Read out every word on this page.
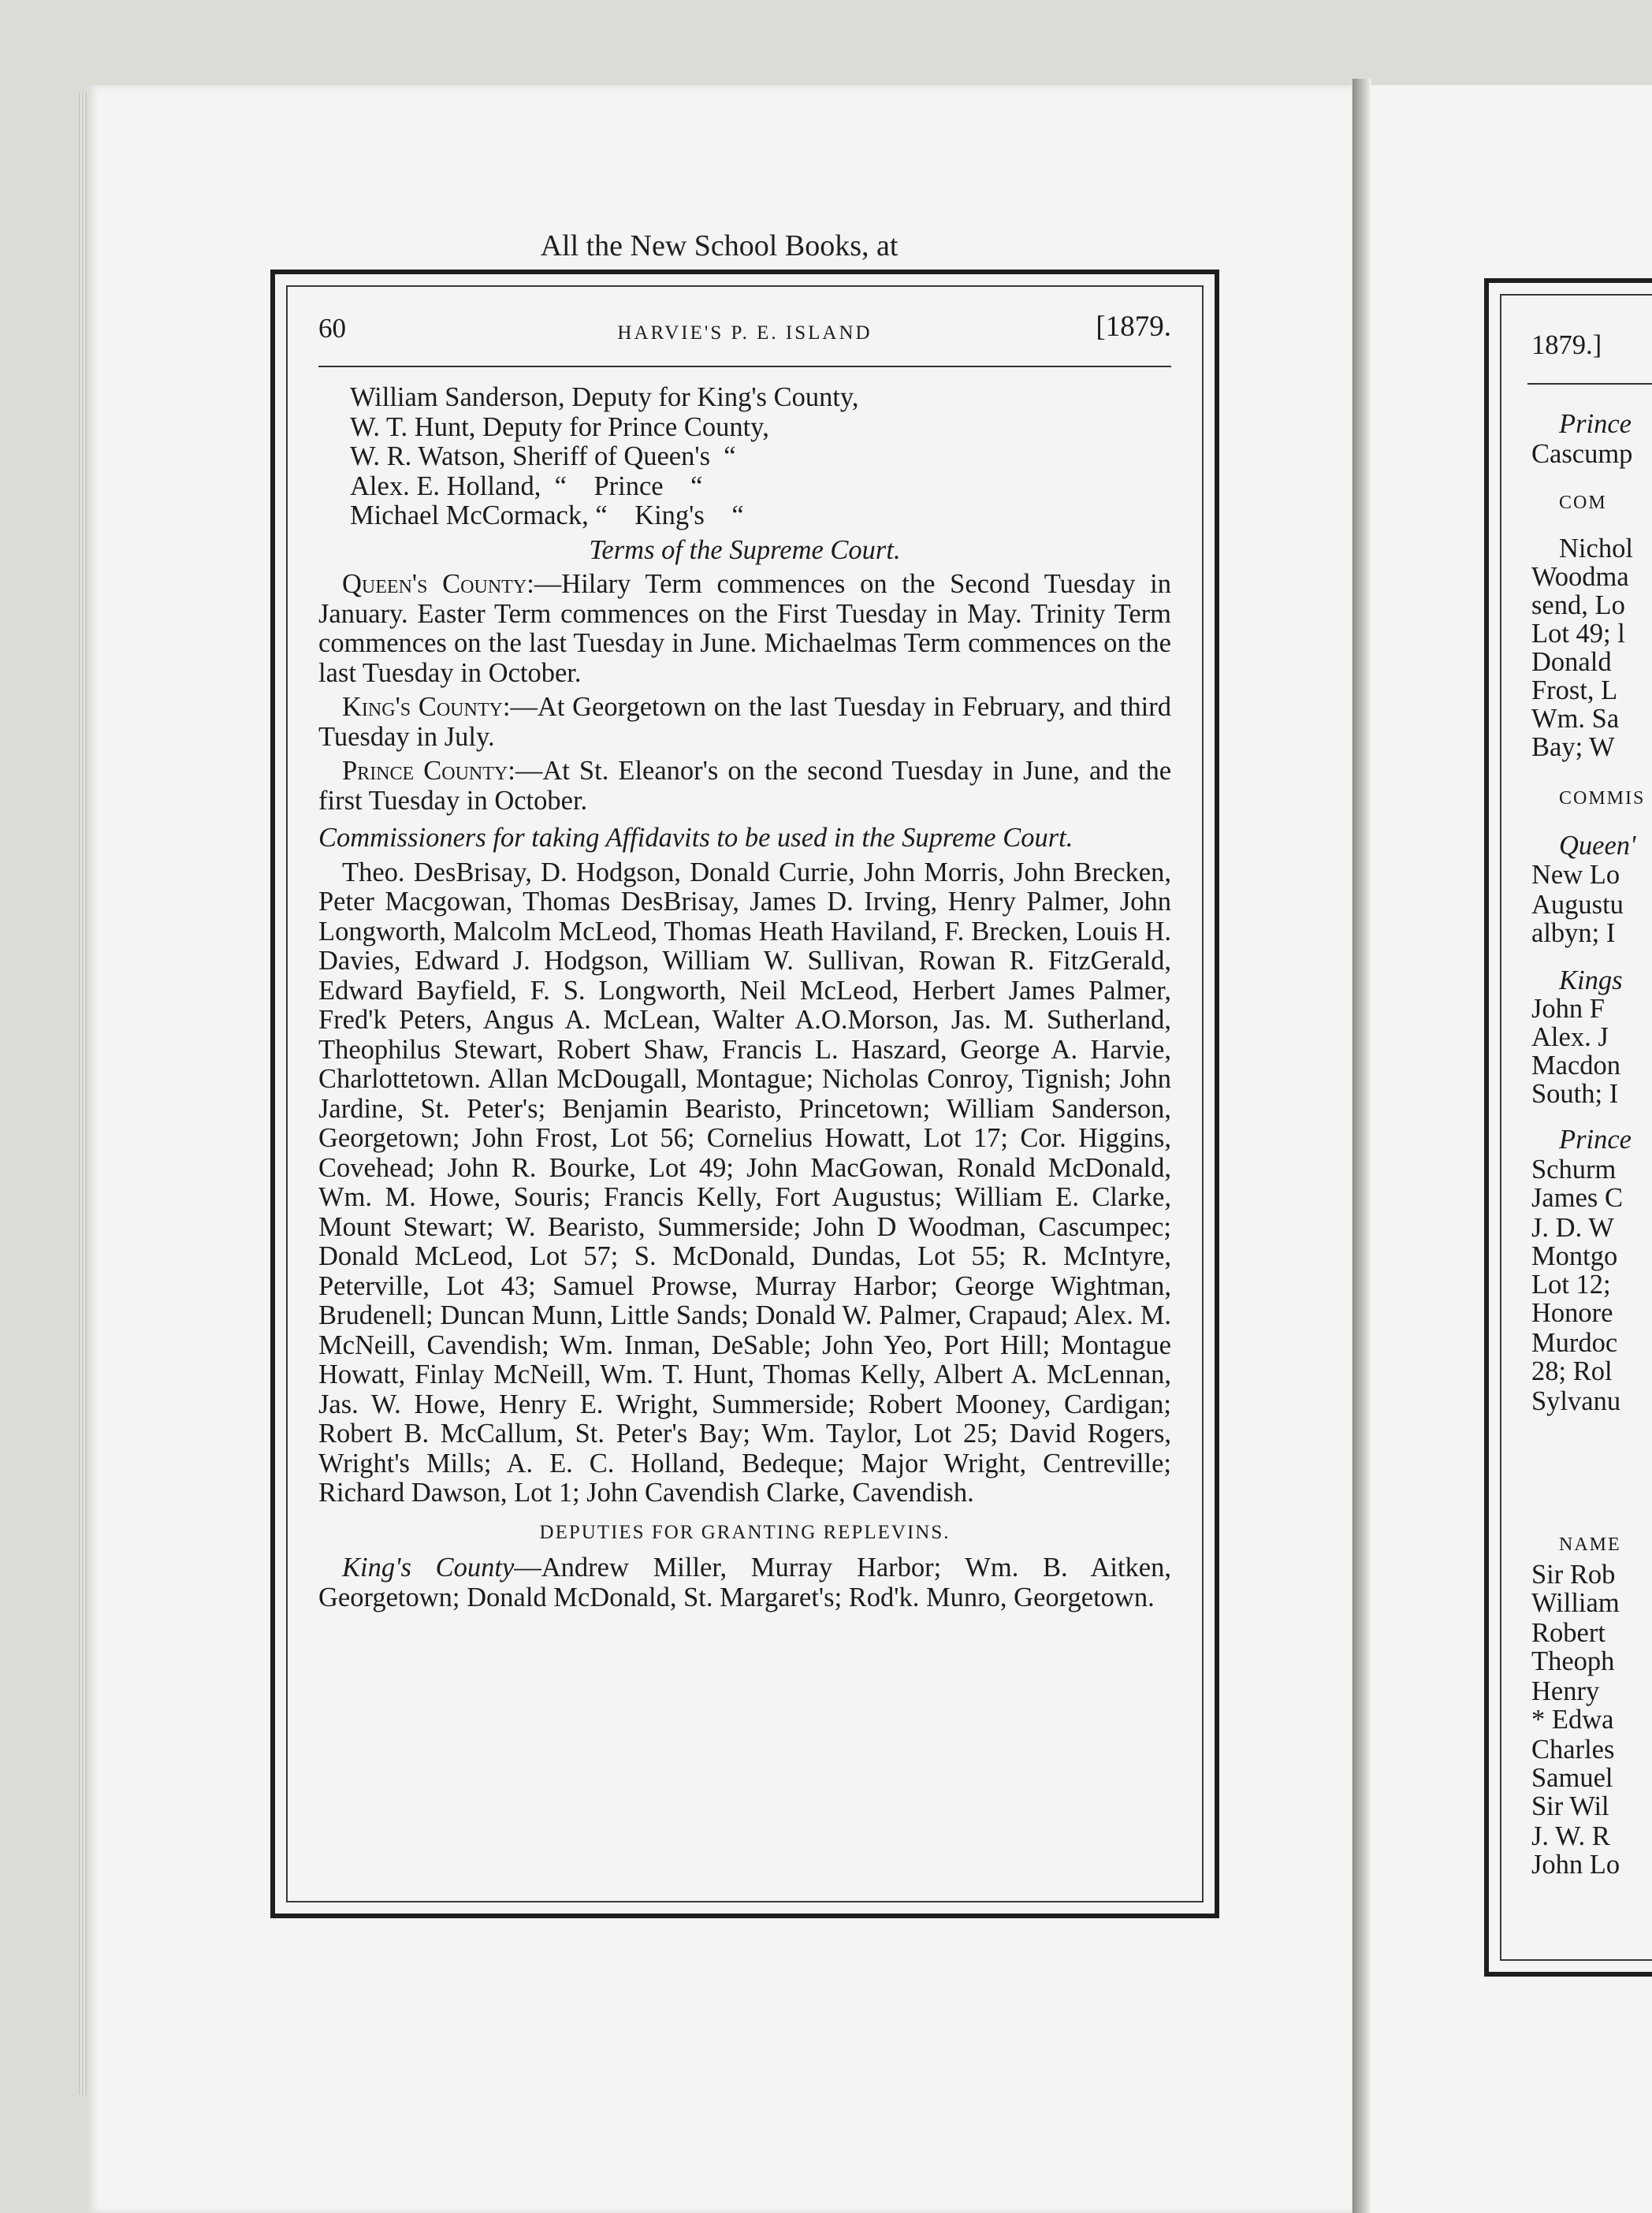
1879.]
Prince
Cascump
COM
Nichol
Woodma
send, Lo
Lot 49; l
Donald
Frost, L
Wm. Sa
Bay; W
COMMIS
Queen'
New Lo
Augustu
albyn; I
Kings
John F
Alex. J
Macdon
South; I
Prince
Schurm
James C
J. D. W
Montgo
Lot 12;
Honore
Murdoc
28; Rol
Sylvanu
NAME
Sir Rob
William
Robert
Theoph
Henry
* Edwa
Charles
Samuel
Sir Wil
J. W. R
John Lo
All the New School Books, at
60	HARVIE'S P. E. ISLAND	[1879.
William Sanderson, Deputy for King's County,
W. T. Hunt, Deputy for Prince County,
W. R. Watson, Sheriff of Queen's  “
Alex. E. Holland,  “    Prince    “
Michael McCormack, “    King's    “
Terms of the Supreme Court.
Queen's County:—Hilary Term commences on the Second Tuesday in January. Easter Term commences on the First Tuesday in May. Trinity Term commences on the last Tuesday in June. Michaelmas Term commences on the last Tuesday in October.
King's County:—At Georgetown on the last Tuesday in February, and third Tuesday in July.
Prince County:—At St. Eleanor's on the second Tuesday in June, and the first Tuesday in October.
Commissioners for taking Affidavits to be used in the Supreme Court.
Theo. DesBrisay, D. Hodgson, Donald Currie, John Morris, John Brecken, Peter Macgowan, Thomas DesBrisay, James D. Irving, Henry Palmer, John Longworth, Malcolm McLeod, Thomas Heath Haviland, F. Brecken, Louis H. Davies, Edward J. Hodgson, William W. Sullivan, Rowan R. FitzGerald, Edward Bayfield, F. S. Longworth, Neil McLeod, Herbert James Palmer, Fred'k Peters, Angus A. McLean, Walter A.O.Morson, Jas. M. Sutherland, Theophilus Stewart, Robert Shaw, Francis L. Haszard, George A. Harvie, Charlottetown. Allan McDougall, Montague; Nicholas Conroy, Tignish; John Jardine, St. Peter's; Benjamin Bearisto, Princetown; William Sanderson, Georgetown; John Frost, Lot 56; Cornelius Howatt, Lot 17; Cor. Higgins, Covehead; John R. Bourke, Lot 49; John MacGowan, Ronald McDonald, Wm. M. Howe, Souris; Francis Kelly, Fort Augustus; William E. Clarke, Mount Stewart; W. Bearisto, Summerside; John D Woodman, Cascumpec; Donald McLeod, Lot 57; S. McDonald, Dundas, Lot 55; R. McIntyre, Peterville, Lot 43; Samuel Prowse, Murray Harbor; George Wightman, Brudenell; Duncan Munn, Little Sands; Donald W. Palmer, Crapaud; Alex. M. McNeill, Cavendish; Wm. Inman, DeSable; John Yeo, Port Hill; Montague Howatt, Finlay McNeill, Wm. T. Hunt, Thomas Kelly, Albert A. McLennan, Jas. W. Howe, Henry E. Wright, Summerside; Robert Mooney, Cardigan; Robert B. McCallum, St. Peter's Bay; Wm. Taylor, Lot 25; David Rogers, Wright's Mills; A. E. C. Holland, Bedeque; Major Wright, Centreville; Richard Dawson, Lot 1; John Cavendish Clarke, Cavendish.
DEPUTIES FOR GRANTING REPLEVINS.
King's County—Andrew Miller, Murray Harbor; Wm. B. Aitken, Georgetown; Donald McDonald, St. Margaret's; Rod'k. Munro, Georgetown.
